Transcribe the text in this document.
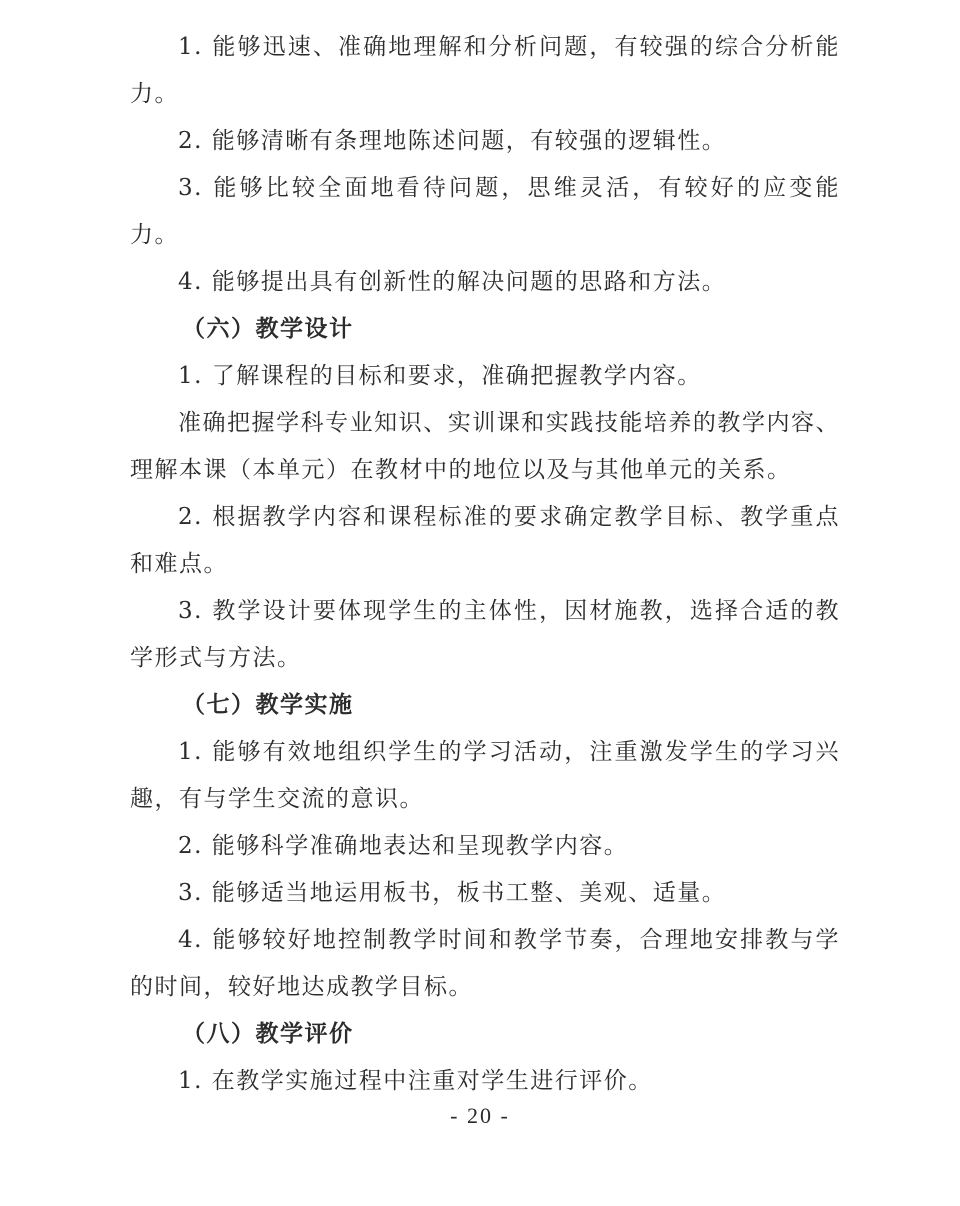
1. 能够迅速、准确地理解和分析问题，有较强的综合分析能力。

2. 能够清晰有条理地陈述问题，有较强的逻辑性。

3. 能够比较全面地看待问题，思维灵活，有较好的应变能力。

4. 能够提出具有创新性的解决问题的思路和方法。

（六）教学设计

1. 了解课程的目标和要求，准确把握教学内容。

准确把握学科专业知识、实训课和实践技能培养的教学内容、理解本课（本单元）在教材中的地位以及与其他单元的关系。

2. 根据教学内容和课程标准的要求确定教学目标、教学重点和难点。

3. 教学设计要体现学生的主体性，因材施教，选择合适的教学形式与方法。

（七）教学实施

1. 能够有效地组织学生的学习活动，注重激发学生的学习兴趣，有与学生交流的意识。

2. 能够科学准确地表达和呈现教学内容。

3. 能够适当地运用板书，板书工整、美观、适量。

4. 能够较好地控制教学时间和教学节奏，合理地安排教与学的时间，较好地达成教学目标。

（八）教学评价

1. 在教学实施过程中注重对学生进行评价。

- 20 -
